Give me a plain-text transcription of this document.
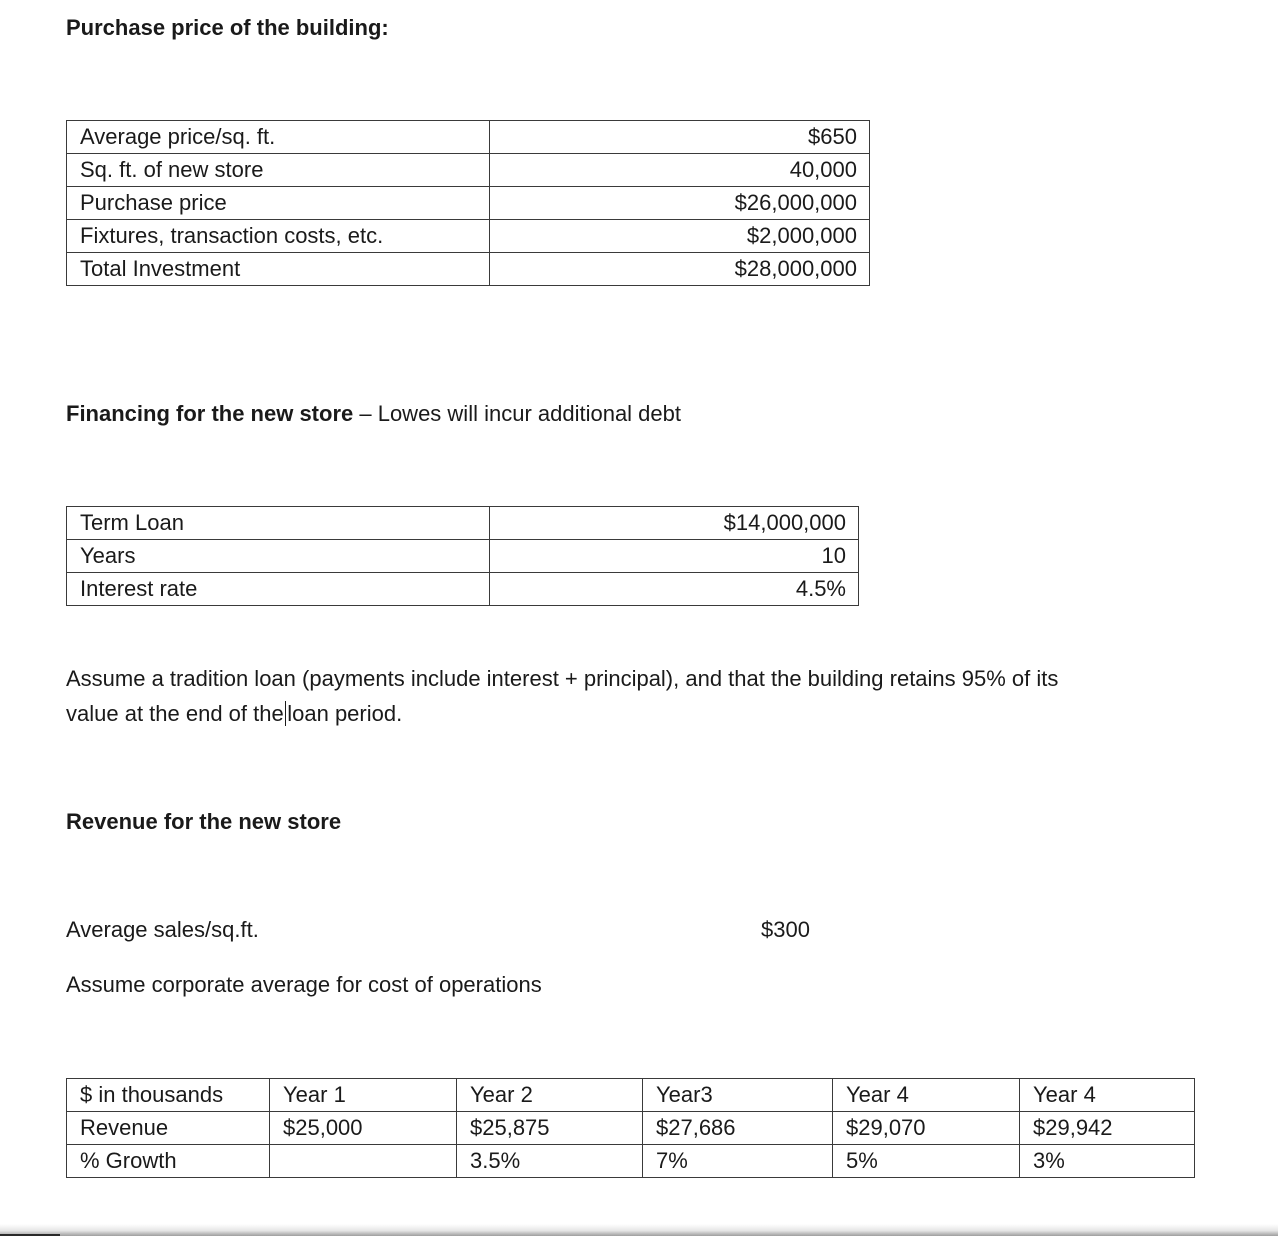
Purchase price of the building:
Average price/sq. ft.	$650
Sq. ft. of new store	40,000
Purchase price	$26,000,000
Fixtures, transaction costs, etc.	$2,000,000
Total Investment	$28,000,000
Financing for the new store – Lowes will incur additional debt
Term Loan	$14,000,000
Years	10
Interest rate	4.5%
Assume a tradition loan (payments include interest + principal), and that the building retains 95% of its
value at the end of the loan period.
Revenue for the new store
Average sales/sq.ft.	$300
Assume corporate average for cost of operations
$ in thousands	Year 1	Year 2	Year3	Year 4	Year 4
Revenue	$25,000	$25,875	$27,686	$29,070	$29,942
% Growth		3.5%	7%	5%	3%
